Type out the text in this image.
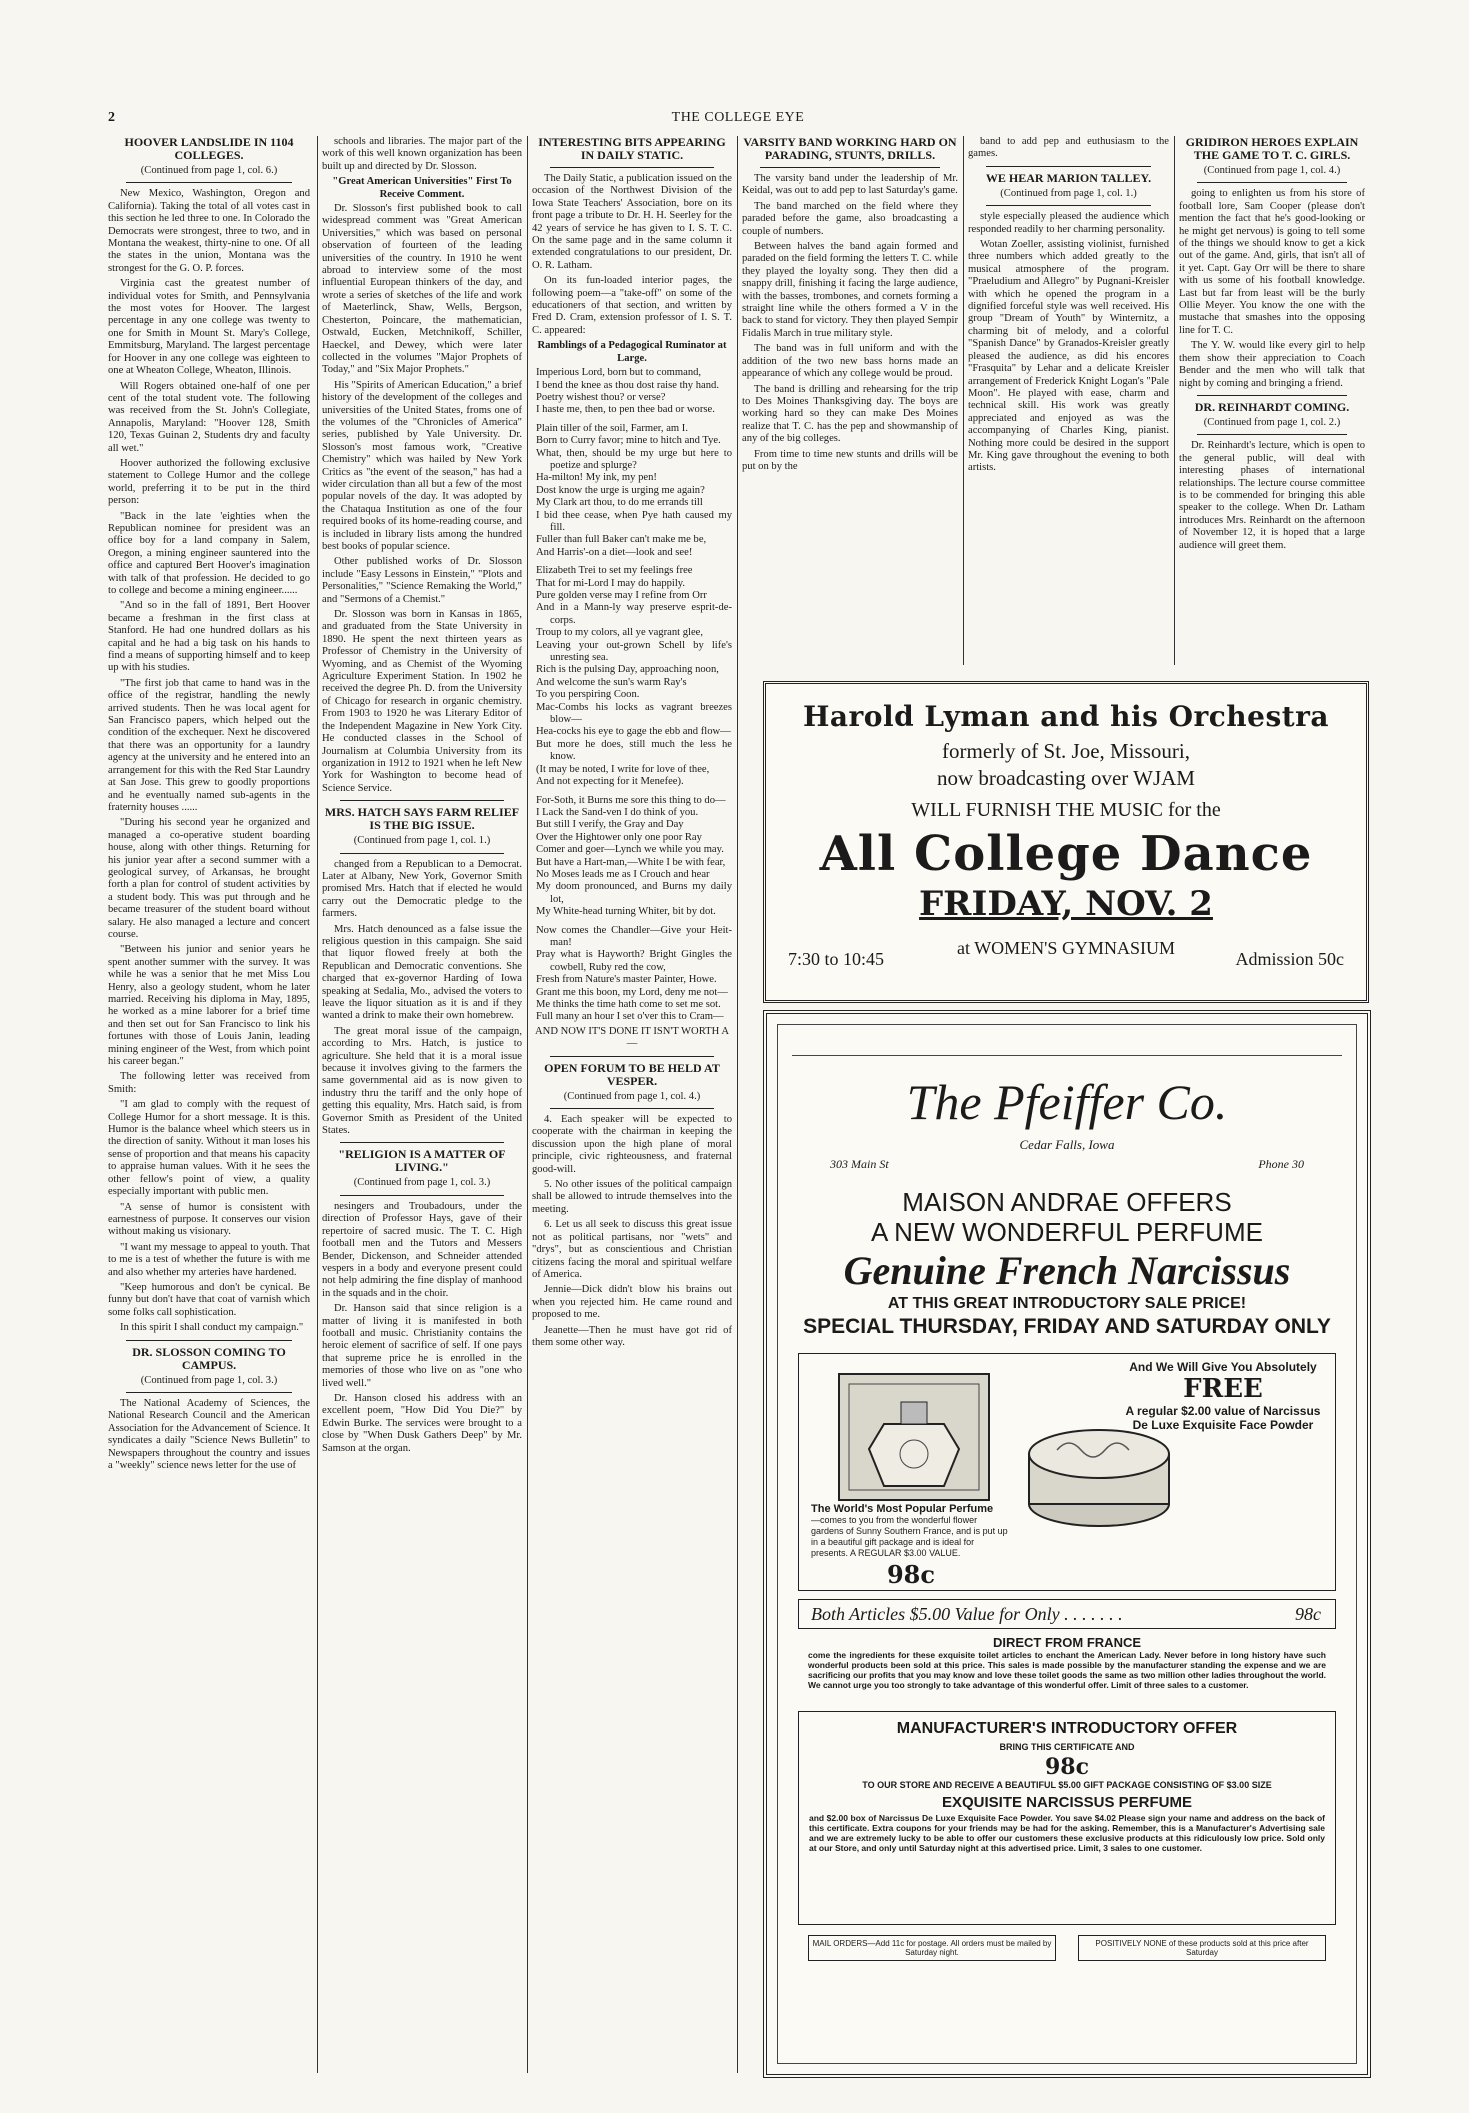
2	THE COLLEGE EYE
HOOVER LANDSLIDE IN 1104 COLLEGES.
(Continued from page 1, col. 6.)

New Mexico, Washington, Oregon and California). Taking the total of all votes cast in this section he led three to one. In Colorado the Democrats were strongest, three to two, and in Montana the weakest, thirty-nine to one. Of all the states in the union, Montana was the strongest for the G. O. P. forces.

Virginia cast the greatest number of individual votes for Smith, and Pennsylvania the most votes for Hoover. The largest percentage in any one college was twenty to one for Smith in Mount St. Mary's College, Emmitsburg, Maryland. The largest percentage for Hoover in any one college was eighteen to one at Wheaton College, Wheaton, Illinois.

Will Rogers obtained one-half of one per cent of the total student vote. The following was received from the St. John's Collegiate, Annapolis, Maryland: "Hoover 128, Smith 120, Texas Guinan 2, Students dry and faculty all wet."

Hoover authorized the following exclusive statement to College Humor and the college world, preferring it to be put in the third person:

"Back in the late 'eighties when the Republican nominee for president was an office boy for a land company in Salem, Oregon, a mining engineer sauntered into the office and captured Bert Hoover's imagination with talk of that profession. He decided to go to college and become a mining engineer......

"And so in the fall of 1891, Bert Hoover became a freshman in the first class at Stanford. He had one hundred dollars as his capital and he had a big task on his hands to find a means of supporting himself and to keep up with his studies.

"The first job that came to hand was in the office of the registrar, handling the newly arrived students. Then he was local agent for San Francisco papers, which helped out the condition of the exchequer. Next he discovered that there was an opportunity for a laundry agency at the university and he entered into an arrangement for this with the Red Star Laundry at San Jose. This grew to goodly proportions and he eventually named sub-agents in the fraternity houses ......

"During his second year he organized and managed a co-operative student boarding house, along with other things. Returning for his junior year after a second summer with a geological survey, of Arkansas, he brought forth a plan for control of student activities by a student body. This was put through and he became treasurer of the student board without salary. He also managed a lecture and concert course.

"Between his junior and senior years he spent another summer with the survey. It was while he was a senior that he met Miss Lou Henry, also a geology student, whom he later married. Receiving his diploma in May, 1895, he worked as a mine laborer for a brief time and then set out for San Francisco to link his fortunes with those of Louis Janin, leading mining engineer of the West, from which point his career began."

The following letter was received from Smith:

"I am glad to comply with the request of College Humor for a short message. It is this. Humor is the balance wheel which steers us in the direction of sanity. Without it man loses his sense of proportion and that means his capacity to appraise human values. With it he sees the other fellow's point of view, a quality especially important with public men.

"A sense of humor is consistent with earnestness of purpose. It conserves our vision without making us visionary.

"I want my message to appeal to youth. That to me is a test of whether the future is with me and also whether my arteries have hardened.

"Keep humorous and don't be cynical. Be funny but don't have that coat of varnish which some folks call sophistication.

In this spirit I shall conduct my campaign."

DR. SLOSSON COMING TO CAMPUS.
(Continued from page 1, col. 3.)

The National Academy of Sciences, the National Research Council and the American Association for the Advancement of Science. It syndicates a daily "Science News Bulletin" to Newspapers throughout the country and issues a "weekly" science news letter for the use of

schools and libraries. The major part of the work of this well known organization has been built up and directed by Dr. Slosson.

"Great American Universities" First To Receive Comment.

Dr. Slosson's first published book to call widespread comment was "Great American Universities," which was based on personal observation of fourteen of the leading universities of the country. In 1910 he went abroad to interview some of the most influential European thinkers of the day, and wrote a series of sketches of the life and work of Maeterlinck, Shaw, Wells, Bergson, Chesterton, Poincare, the mathematician, Ostwald, Eucken, Metchnikoff, Schiller, Haeckel, and Dewey, which were later collected in the volumes "Major Prophets of Today," and "Six Major Prophets."

His "Spirits of American Education," a brief history of the development of the colleges and universities of the United States, froms one of the volumes of the "Chronicles of America" series, published by Yale University. Dr. Slosson's most famous work, "Creative Chemistry" which was hailed by New York Critics as "the event of the season," has had a wider circulation than all but a few of the most popular novels of the day. It was adopted by the Chataqua Institution as one of the four required books of its home-reading course, and is included in library lists among the hundred best books of popular science.

Other published works of Dr. Slosson include "Easy Lessons in Einstein," "Plots and Personalities," "Science Remaking the World," and "Sermons of a Chemist."

Dr. Slosson was born in Kansas in 1865, and graduated from the State University in 1890. He spent the next thirteen years as Professor of Chemistry in the University of Wyoming, and as Chemist of the Wyoming Agriculture Experiment Station. In 1902 he received the degree Ph. D. from the University of Chicago for research in organic chemistry. From 1903 to 1920 he was Literary Editor of the Independent Magazine in New York City. He conducted classes in the School of Journalism at Columbia University from its organization in 1912 to 1921 when he left New York for Washington to become head of Science Service.

MRS. HATCH SAYS FARM RELIEF IS THE BIG ISSUE.
(Continued from page 1, col. 1.)

changed from a Republican to a Democrat. Later at Albany, New York, Governor Smith promised Mrs. Hatch that if elected he would carry out the Democratic pledge to the farmers.

Mrs. Hatch denounced as a false issue the religious question in this campaign. She said that liquor flowed freely at both the Republican and Democratic conventions. She charged that ex-governor Harding of Iowa speaking at Sedalia, Mo., advised the voters to leave the liquor situation as it is and if they wanted a drink to make their own homebrew.

The great moral issue of the campaign, according to Mrs. Hatch, is justice to agriculture. She held that it is a moral issue because it involves giving to the farmers the same governmental aid as is now given to industry thru the tariff and the only hope of getting this equality, Mrs. Hatch said, is from Governor Smith as President of the United States.

"RELIGION IS A MATTER OF LIVING."
(Continued from page 1, col. 3.)

nesingers and Troubadours, under the direction of Professor Hays, gave of their repertoire of sacred music. The T. C. High football men and the Tutors and Messers Bender, Dickenson, and Schneider attended vespers in a body and everyone present could not help admiring the fine display of manhood in the squads and in the choir.

Dr. Hanson said that since religion is a matter of living it is manifested in both football and music. Christianity contains the heroic element of sacrifice of self. If one pays that supreme price he is enrolled in the memories of those who live on as "one who lived well."

Dr. Hanson closed his address with an excellent poem, "How Did You Die?" by Edwin Burke. The services were brought to a close by "When Dusk Gathers Deep" by Mr. Samson at the organ.

INTERESTING BITS APPEARING IN DAILY STATIC.

The Daily Static, a publication issued on the occasion of the Northwest Division of the Iowa State Teachers' Association, bore on its front page a tribute to Dr. H. H. Seerley for the 42 years of service he has given to I. S. T. C. On the same page and in the same column it extended congratulations to our president, Dr. O. R. Latham.

On its fun-loaded interior pages, the following poem—a "take-off" on some of the educationers of that section, and written by Fred D. Cram, extension professor of I. S. T. C. appeared:

Ramblings of a Pedagogical Ruminator at Large.
Imperious Lord, born but to command,
I bend the knee as thou dost raise thy hand.
Poetry wishest thou? or verse?
I haste me, then, to pen thee bad or worse.
Plain tiller of the soil, Farmer, am I.
Born to Curry favor; mine to hitch and Tye.
What, then, should be my urge but here to poetize and splurge?
Ha-milton! My ink, my pen!
Dost know the urge is urging me again?
My Clark art thou, to do me errands till
I bid thee cease, when Pye hath caused my fill.
Fuller than full Baker can't make me be,
And Harris'-on a diet—look and see!
Elizabeth Trei to set my feelings free
That for mi-Lord I may do happily.
Pure golden verse may I refine from Orr
And in a Mann-ly way preserve esprit-de-corps.
Troup to my colors, all ye vagrant glee,
Leaving your out-grown Schell by life's unresting sea.
Rich is the pulsing Day, approaching noon,
And welcome the sun's warm Ray's
To you perspiring Coon.
Mac-Combs his locks as vagrant breezes blow—
Hea-cocks his eye to gage the ebb and flow—
But more he does, still much the less he know.
(It may be noted, I write for love of thee,
And not expecting for it Menefee).
For-Soth, it Burns me sore this thing to do—
I Lack the Sand-ven I do think of you.
But still I verify, the Gray and Day
Over the Hightower only one poor Ray
Comer and goer—Lynch we while you may.
But have a Hart-man,—White I be with fear,
No Moses leads me as I Crouch and hear
My doom pronounced, and Burns my daily lot,
My White-head turning Whiter, bit by dot.
Now comes the Chandler—Give your Heit-man!
Pray what is Hayworth? Bright Gingles the cowbell, Ruby red the cow,
Fresh from Nature's master Painter, Howe.
Grant me this boon, my Lord, deny me not—
Me thinks the time hath come to set me sot.
Full many an hour I set o'ver this to Cram—
AND NOW IT'S DONE IT ISN'T WORTH A—
OPEN FORUM TO BE HELD AT VESPER.
(Continued from page 1, col. 4.)

4. Each speaker will be expected to cooperate with the chairman in keeping the discussion upon the high plane of moral principle, civic righteousness, and fraternal good-will.

5. No other issues of the political campaign shall be allowed to intrude themselves into the meeting.

6. Let us all seek to discuss this great issue not as political partisans, nor "wets" and "drys", but as conscientious and Christian citizens facing the moral and spiritual welfare of America.

Jennie—Dick didn't blow his brains out when you rejected him. He came round and proposed to me.

Jeanette—Then he must have got rid of them some other way.

VARSITY BAND WORKING HARD ON PARADING, STUNTS, DRILLS.

The varsity band under the leadership of Mr. Keidal, was out to add pep to last Saturday's game.

The band marched on the field where they paraded before the game, also broadcasting a couple of numbers.

Between halves the band again formed and paraded on the field forming the letters T. C. while they played the loyalty song. They then did a snappy drill, finishing it facing the large audience, with the basses, trombones, and cornets forming a straight line while the others formed a V in the back to stand for victory. They then played Sempir Fidalis March in true military style.

The band was in full uniform and with the addition of the two new bass horns made an appearance of which any college would be proud.

The band is drilling and rehearsing for the trip to Des Moines Thanksgiving day. The boys are working hard so they can make Des Moines realize that T. C. has the pep and showmanship of any of the big colleges.

From time to time new stunts and drills will be put on by the

band to add pep and euthusiasm to the games.

WE HEAR MARION TALLEY.
(Continued from page 1, col. 1.)

style especially pleased the audience which responded readily to her charming personality.

Wotan Zoeller, assisting violinist, furnished three numbers which added greatly to the musical atmosphere of the program. "Praeludium and Allegro" by Pugnani-Kreisler with which he opened the program in a dignified forceful style was well received. His group "Dream of Youth" by Winternitz, a charming bit of melody, and a colorful "Spanish Dance" by Granados-Kreisler greatly pleased the audience, as did his encores "Frasquita" by Lehar and a delicate Kreisler arrangement of Frederick Knight Logan's "Pale Moon". He played with ease, charm and technical skill. His work was greatly appreciated and enjoyed as was the accompanying of Charles King, pianist. Nothing more could be desired in the support Mr. King gave throughout the evening to both artists.

GRIDIRON HEROES EXPLAIN THE GAME TO T. C. GIRLS.
(Continued from page 1, col. 4.)

going to enlighten us from his store of football lore, Sam Cooper (please don't mention the fact that he's good-looking or he might get nervous) is going to tell some of the things we should know to get a kick out of the game. And, girls, that isn't all of it yet. Capt. Gay Orr will be there to share with us some of his football knowledge. Last but far from least will be the burly Ollie Meyer. You know the one with the mustache that smashes into the opposing line for T. C.

The Y. W. would like every girl to help them show their appreciation to Coach Bender and the men who will talk that night by coming and bringing a friend.

DR. REINHARDT COMING.
(Continued from page 1, col. 2.)

Dr. Reinhardt's lecture, which is open to the general public, will deal with interesting phases of international relationships. The lecture course committee is to be commended for bringing this able speaker to the college. When Dr. Latham introduces Mrs. Reinhardt on the afternoon of November 12, it is hoped that a large audience will greet them.

Harold Lyman and his Orchestra
formerly of St. Joe, Missouri,
now broadcasting over WJAM
WILL FURNISH THE MUSIC for the
All College Dance
FRIDAY, NOV. 2
at WOMEN'S GYMNASIUM
7:30 to 10:45	Admission 50c
The Pfeiffer Co.
Cedar Falls, Iowa
303 Main St	Phone 30
MAISON ANDRAE OFFERS
A NEW WONDERFUL PERFUME
Genuine French Narcissus
AT THIS GREAT INTRODUCTORY SALE PRICE!
SPECIAL THURSDAY, FRIDAY AND SATURDAY ONLY
And We Will Give You Absolutely
FREE
A regular $2.00 value of Narcissus De Luxe Exquisite Face Powder
The World's Most Popular Perfume
—comes to you from the wonderful flower gardens of Sunny Southern France, and is put up in a beautiful gift package and is ideal for presents. A REGULAR $3.00 VALUE.
98c
Both Articles $5.00 Value for Only . . . . . . .	98c
DIRECT FROM FRANCE
come the ingredients for these exquisite toilet articles to enchant the American Lady. Never before in long history have such wonderful products been sold at this price. This sales is made possible by the manufacturer standing the expense and we are sacrificing our profits that you may know and love these toilet goods the same as two million other ladies throughout the world. We cannot urge you too strongly to take advantage of this wonderful offer. Limit of three sales to a customer.
MANUFACTURER'S INTRODUCTORY OFFER
BRING THIS CERTIFICATE AND
98c
TO OUR STORE AND RECEIVE A BEAUTIFUL $5.00 GIFT PACKAGE CONSISTING OF $3.00 SIZE
EXQUISITE NARCISSUS PERFUME
and $2.00 box of Narcissus De Luxe Exquisite Face Powder. You save $4.02 Please sign your name and address on the back of this certificate. Extra coupons for your friends may be had for the asking. Remember, this is a Manufacturer's Advertising sale and we are extremely lucky to be able to offer our customers these exclusive products at this ridiculously low price. Sold only at our Store, and only until Saturday night at this advertised price. Limit, 3 sales to one customer.
MAIL ORDERS—Add 11c for postage. All orders must be mailed by Saturday night.
POSITIVELY NONE of these products sold at this price after Saturday
